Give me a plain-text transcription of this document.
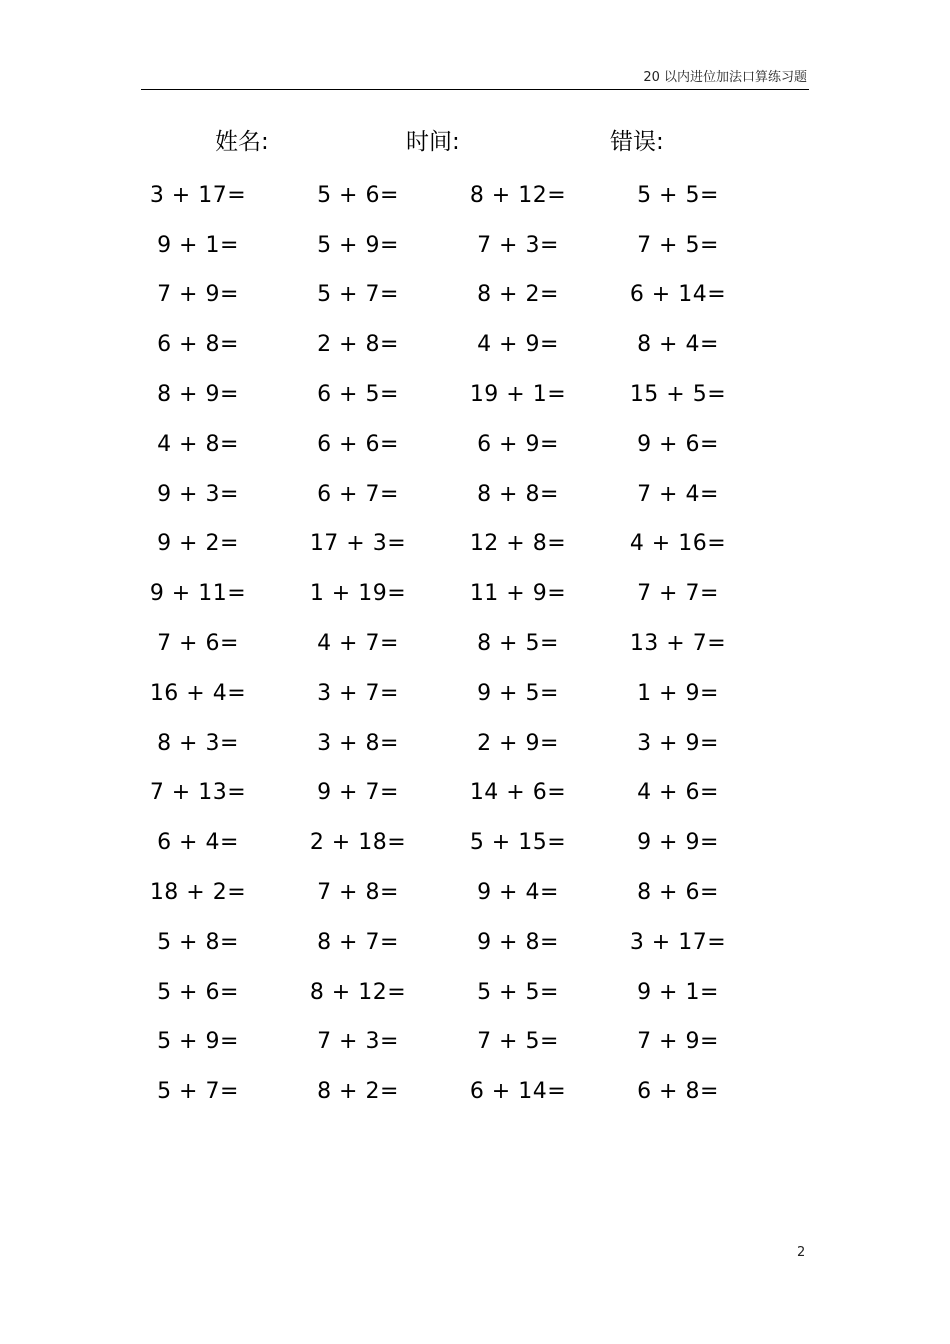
20 以内进位加法口算练习题
姓名:	时间:	错误:
3 + 17=	5 + 6=	8 + 12=	5 + 5=
9 + 1=	5 + 9=	7 + 3=	7 + 5=
7 + 9=	5 + 7=	8 + 2=	6 + 14=
6 + 8=	2 + 8=	4 + 9=	8 + 4=
8 + 9=	6 + 5=	19 + 1=	15 + 5=
4 + 8=	6 + 6=	6 + 9=	9 + 6=
9 + 3=	6 + 7=	8 + 8=	7 + 4=
9 + 2=	17 + 3=	12 + 8=	4 + 16=
9 + 11=	1 + 19=	11 + 9=	7 + 7=
7 + 6=	4 + 7=	8 + 5=	13 + 7=
16 + 4=	3 + 7=	9 + 5=	1 + 9=
8 + 3=	3 + 8=	2 + 9=	3 + 9=
7 + 13=	9 + 7=	14 + 6=	4 + 6=
6 + 4=	2 + 18=	5 + 15=	9 + 9=
18 + 2=	7 + 8=	9 + 4=	8 + 6=
5 + 8=	8 + 7=	9 + 8=	3 + 17=
5 + 6=	8 + 12=	5 + 5=	9 + 1=
5 + 9=	7 + 3=	7 + 5=	7 + 9=
5 + 7=	8 + 2=	6 + 14=	6 + 8=
2
